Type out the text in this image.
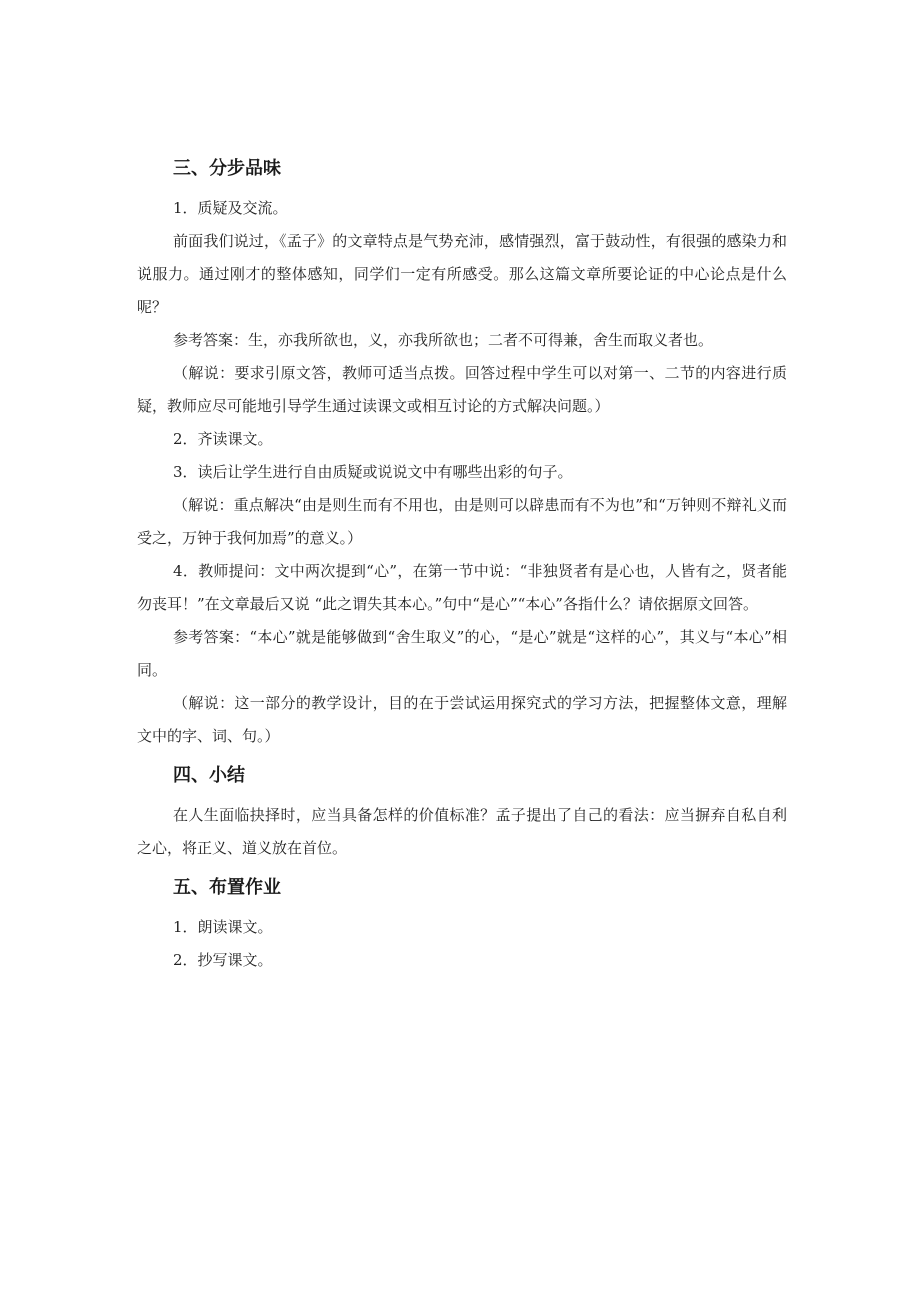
三、分步品味

1．质疑及交流。

前面我们说过，《孟子》的文章特点是气势充沛，感情强烈，富于鼓动性，有很强的感染力和说服力。通过刚才的整体感知，同学们一定有所感受。那么这篇文章所要论证的中心论点是什么呢？

参考答案：生，亦我所欲也，义，亦我所欲也；二者不可得兼，舍生而取义者也。

（解说：要求引原文答，教师可适当点拨。回答过程中学生可以对第一、二节的内容进行质疑，教师应尽可能地引导学生通过读课文或相互讨论的方式解决问题。）

2．齐读课文。

3．读后让学生进行自由质疑或说说文中有哪些出彩的句子。

（解说：重点解决“由是则生而有不用也，由是则可以辟患而有不为也”和“万钟则不辩礼义而受之，万钟于我何加焉”的意义。）

4．教师提问：文中两次提到“心”，在第一节中说：“非独贤者有是心也，人皆有之，贤者能勿丧耳！”在文章最后又说 “此之谓失其本心。”句中“是心”“本心”各指什么？请依据原文回答。

参考答案：“本心”就是能够做到“舍生取义”的心，“是心”就是“这样的心”，其义与“本心”相同。

（解说：这一部分的教学设计，目的在于尝试运用探究式的学习方法，把握整体文意，理解文中的字、词、句。）

四、小结

在人生面临抉择时，应当具备怎样的价值标准？孟子提出了自己的看法：应当摒弃自私自利之心，将正义、道义放在首位。

五、布置作业

1．朗读课文。

2．抄写课文。
